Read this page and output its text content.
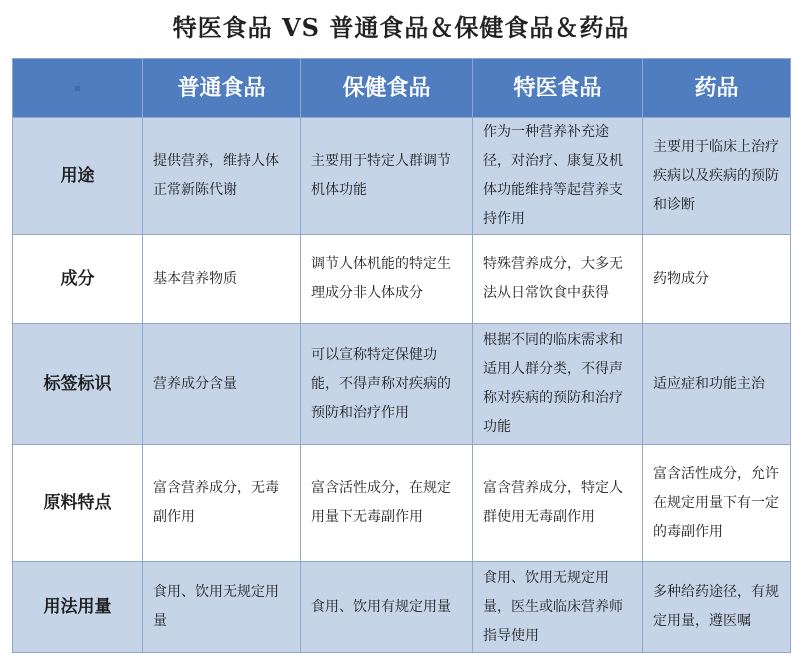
特医食品 VS 普通食品＆保健食品＆药品
▪	普通食品	保健食品	特医食品	药品
用途	提供营养，维持人体正常新陈代谢	主要用于特定人群调节机体功能	作为一种营养补充途径，对治疗、康复及机体功能维持等起营养支持作用	主要用于临床上治疗疾病以及疾病的预防和诊断
成分	基本营养物质	调节人体机能的特定生理成分非人体成分	特殊营养成分，大多无法从日常饮食中获得	药物成分
标签标识	营养成分含量	可以宣称特定保健功能，不得声称对疾病的预防和治疗作用	根据不同的临床需求和适用人群分类，不得声称对疾病的预防和治疗功能	适应症和功能主治
原料特点	富含营养成分，无毒副作用	富含活性成分，在规定用量下无毒副作用	富含营养成分，特定人群使用无毒副作用	富含活性成分，允许在规定用量下有一定的毒副作用
用法用量	食用、饮用无规定用量	食用、饮用有规定用量	食用、饮用无规定用量，医生或临床营养师指导使用	多种给药途径，有规定用量，遵医嘱
